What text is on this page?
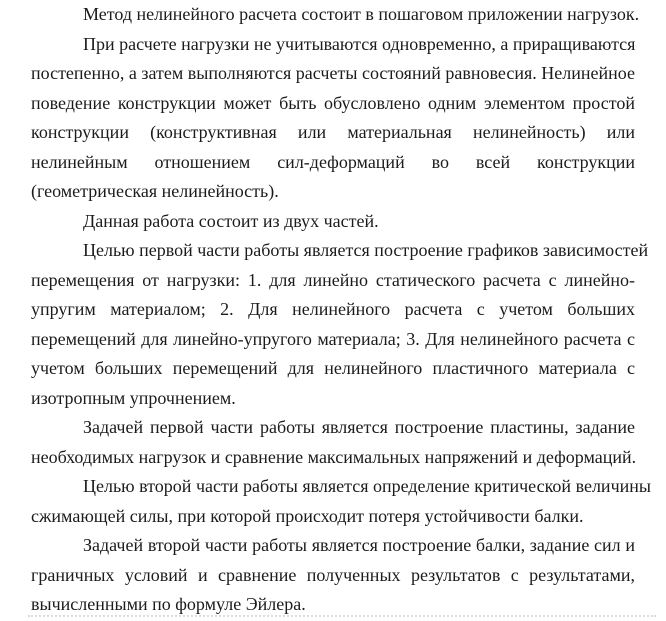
Метод нелинейного расчета состоит в пошаговом приложении нагрузок.

При расчете нагрузки не учитываются одновременно, а приращиваются
постепенно, а затем выполняются расчеты состояний равновесия. Нелинейное
поведение конструкции может быть обусловлено одним элементом простой
конструкции (конструктивная или материальная нелинейность) или
нелинейным отношением сил-деформаций во всей конструкции
(геометрическая нелинейность).

Данная работа состоит из двух частей.

Целью первой части работы является построение графиков зависимостей
перемещения от нагрузки: 1. для линейно статического расчета с линейно-
упругим материалом; 2. Для нелинейного расчета с учетом больших
перемещений для линейно-упругого материала; 3. Для нелинейного расчета с
учетом больших перемещений для нелинейного пластичного материала с
изотропным упрочнением.

Задачей первой части работы является построение пластины, задание
необходимых нагрузок и сравнение максимальных напряжений и деформаций.

Целью второй части работы является определение критической величины
сжимающей силы, при которой происходит потеря устойчивости балки.

Задачей второй части работы является построение балки, задание сил и
граничных условий и сравнение полученных результатов с результатами,
вычисленными по формуле Эйлера.
